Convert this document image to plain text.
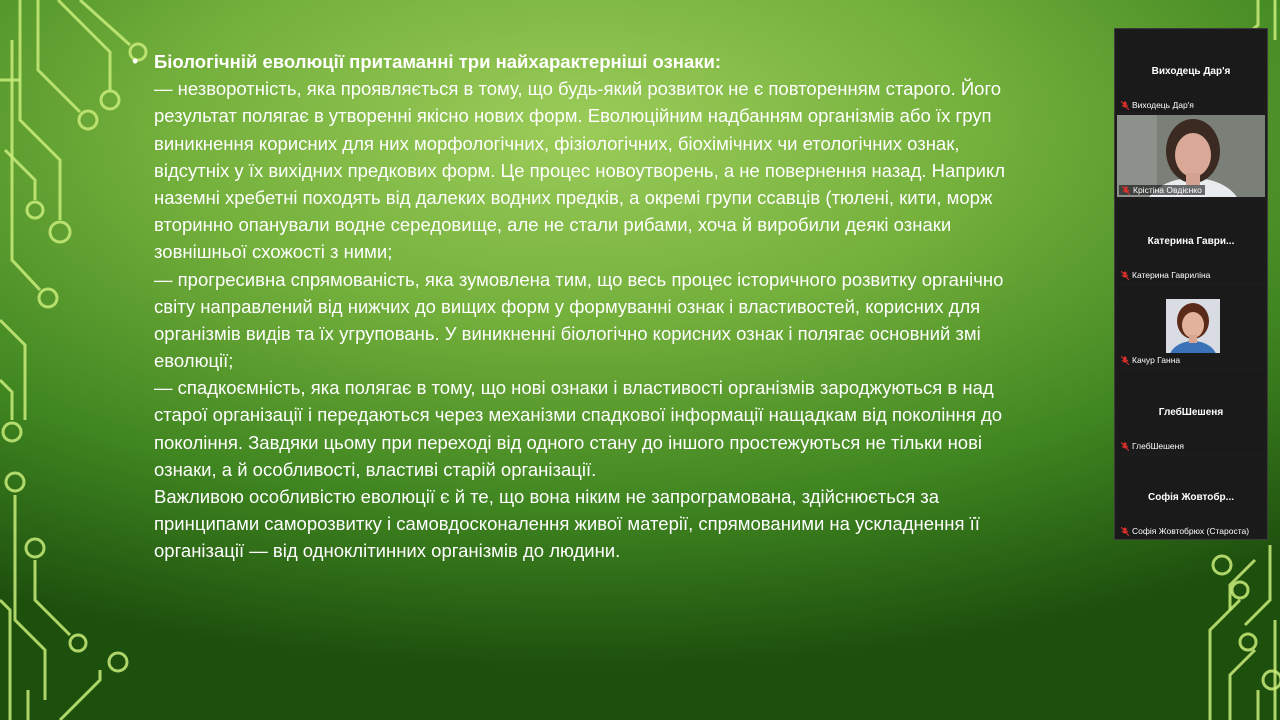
• Біологічній еволюції притаманні три найхарактерніші ознаки:
— незворотність, яка проявляється в тому, що будь-який розвиток не є повторенням старого. Його
результат полягає в утворенні якісно нових форм. Еволюційним надбанням організмів або їх груп
виникнення корисних для них морфологічних, фізіологічних, біохімічних чи етологічних ознак,
відсутніх у їх вихідних предкових форм. Це процес новоутворень, а не повернення назад. Наприкл
наземні хребетні походять від далеких водних предків, а окремі групи ссавців (тюлені, кити, морж
вторинно опанували водне середовище, але не стали рибами, хоча й виробили деякі ознаки
зовнішньої схожості з ними;
— прогресивна спрямованість, яка зумовлена тим, що весь процес історичного розвитку органічно
світу направлений від нижчих до вищих форм у формуванні ознак і властивостей, корисних для
організмів видів та їх угруповань. У виникненні біологічно корисних ознак і полягає основний змі
еволюції;
— спадкоємність, яка полягає в тому, що нові ознаки і властивості організмів зароджуються в над
старої організації і передаються через механізми спадкової інформації нащадкам від покоління до
покоління. Завдяки цьому при переході від одного стану до іншого простежуються не тільки нові
ознаки, а й особливості, властиві старій організації.
Важливою особливістю еволюції є й те, що вона ніким не запрограмована, здійснюється за
принципами саморозвитку і самовдосконалення живої матерії, спрямованими на ускладнення її
організації — від одноклітинних організмів до людини.
Виходець Дар'я
Виходець Дар'я
Крістіна Овдієнко
Катерина Гаври...
Катерина Гаврилiна
Качур Ганна
ГлебШешеня
ГлебШешеня
Софія Жовтобр...
Софія Жовтобрюх (Староста)
